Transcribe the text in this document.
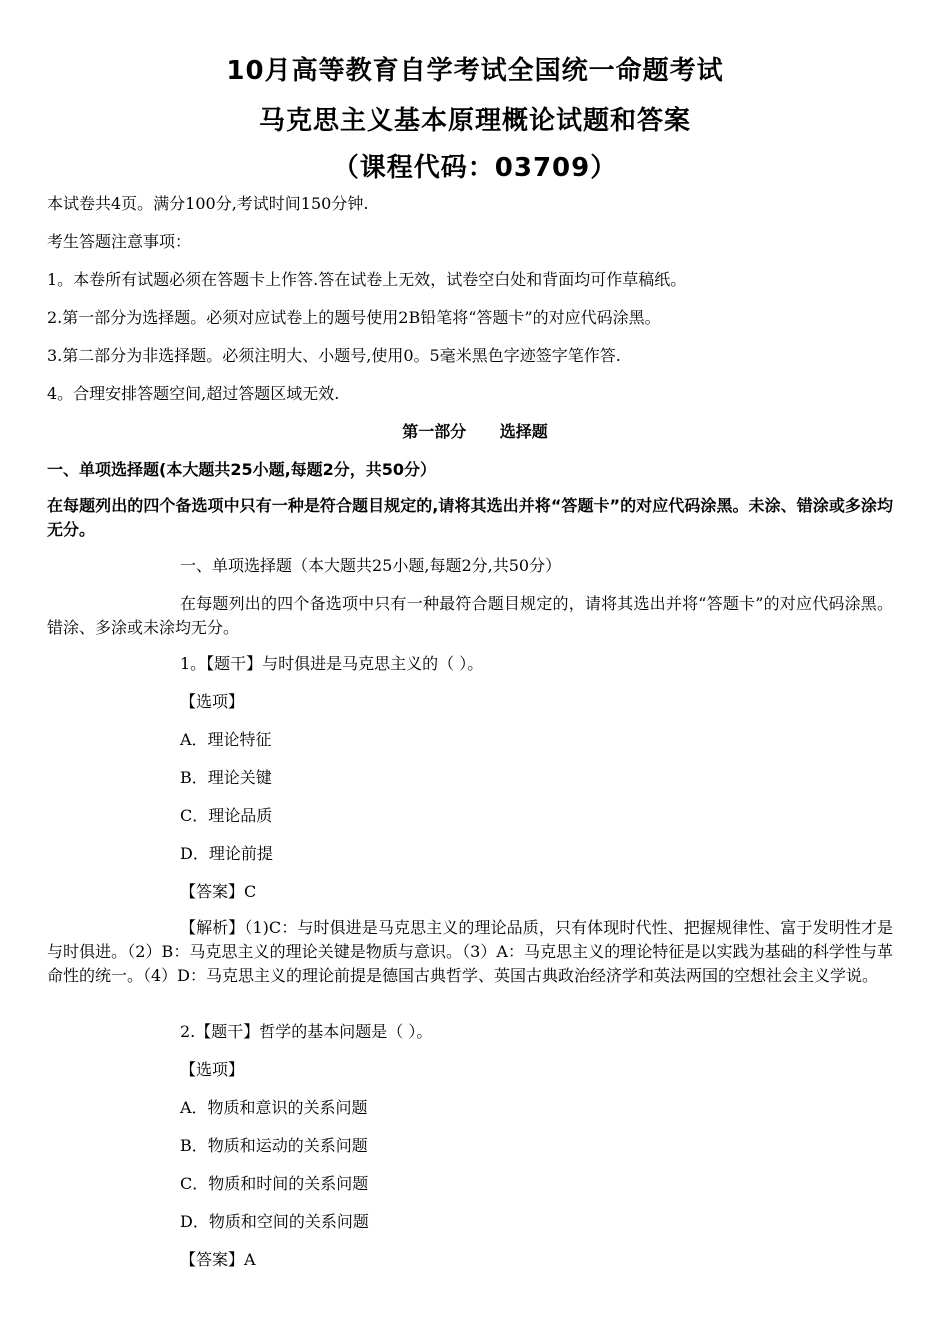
10月高等教育自学考试全国统一命题考试
马克思主义基本原理概论试题和答案
（课程代码：03709）
本试卷共4页。满分100分,考试时间150分钟.
考生答题注意事项：
1。本卷所有试题必须在答题卡上作答.答在试卷上无效，试卷空白处和背面均可作草稿纸。
2.第一部分为选择题。必须对应试卷上的题号使用2B铅笔将“答题卡”的对应代码涂黑。
3.第二部分为非选择题。必须注明大、小题号,使用0。5毫米黑色字迹签字笔作答.
4。合理安排答题空间,超过答题区域无效.
第一部分      选择题
一、单项选择题(本大题共25小题,每题2分，共50分）
在每题列出的四个备选项中只有一种是符合题目规定的,请将其选出并将“答题卡”的对应代码涂黑。未涂、错涂或多涂均无分。
一、单项选择题（本大题共25小题,每题2分,共50分）
在每题列出的四个备选项中只有一种最符合题目规定的，请将其选出并将“答题卡”的对应代码涂黑。错涂、多涂或未涂均无分。
1。【题干】与时俱进是马克思主义的（ ）。
【选项】
A．理论特征
B．理论关键
C．理论品质
D．理论前提
【答案】C
【解析】（1)C：与时俱进是马克思主义的理论品质，只有体现时代性、把握规律性、富于发明性才是与时俱进。（2）B：马克思主义的理论关键是物质与意识。（3）A：马克思主义的理论特征是以实践为基础的科学性与革命性的统一。（4）D：马克思主义的理论前提是德国古典哲学、英国古典政治经济学和英法两国的空想社会主义学说。
2.【题干】哲学的基本问题是（ ）。
【选项】
A．物质和意识的关系问题
B．物质和运动的关系问题
C．物质和时间的关系问题
D．物质和空间的关系问题
【答案】A
